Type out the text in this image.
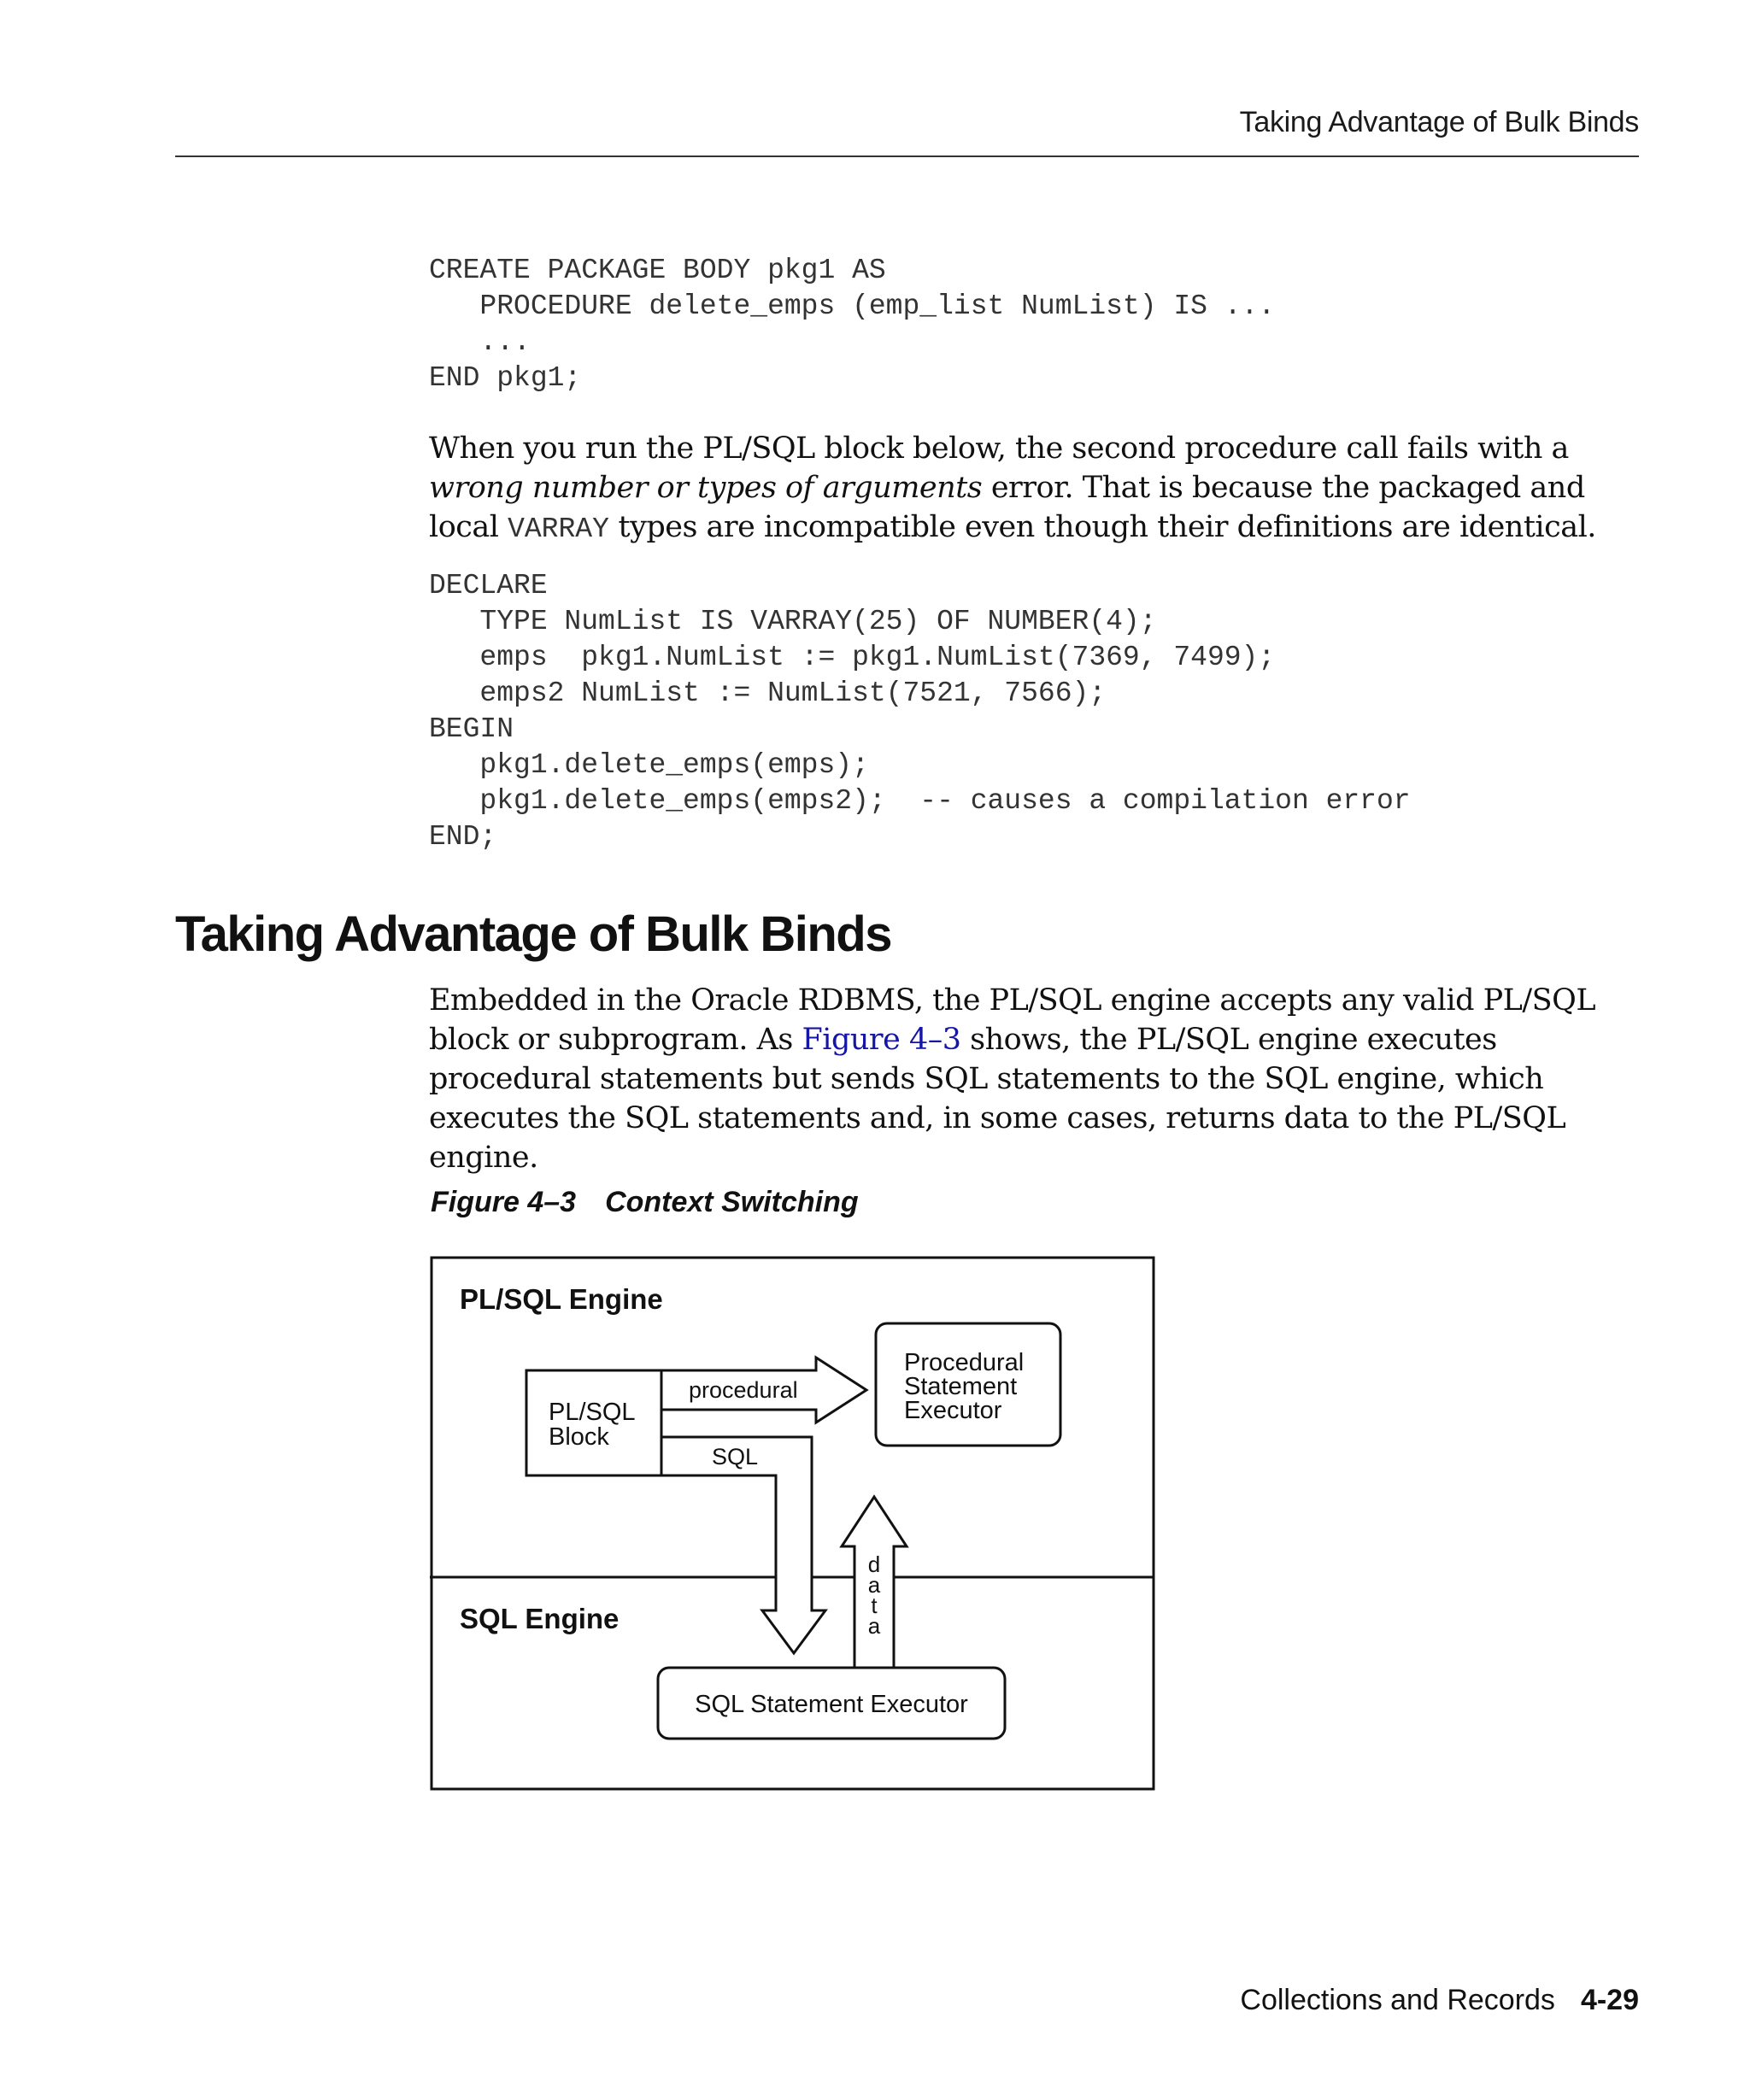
Taking Advantage of Bulk Binds
CREATE PACKAGE BODY pkg1 AS
PROCEDURE delete_emps (emp_list NumList) IS ...
...
END pkg1;

When you run the PL/SQL block below, the second procedure call fails with a wrong number or types of arguments error. That is because the packaged and local VARRAY types are incompatible even though their definitions are identical.

DECLARE
TYPE NumList IS VARRAY(25) OF NUMBER(4);
emps  pkg1.NumList := pkg1.NumList(7369, 7499);
emps2 NumList := NumList(7521, 7566);
BEGIN
pkg1.delete_emps(emps);
pkg1.delete_emps(emps2);  -- causes a compilation error
END;
Taking Advantage of Bulk Binds

Embedded in the Oracle RDBMS, the PL/SQL engine accepts any valid PL/SQL block or subprogram. As Figure 4–3 shows, the PL/SQL engine executes procedural statements but sends SQL statements to the SQL engine, which executes the SQL statements and, in some cases, returns data to the PL/SQL engine.

Figure 4–3 Context Switching
PL/SQL Engine
SQL Engine
PL/SQL
Block
procedural
SQL
d
a
t
a
Procedural
Statement
Executor
SQL Statement Executor
Collections and Records 4-29
